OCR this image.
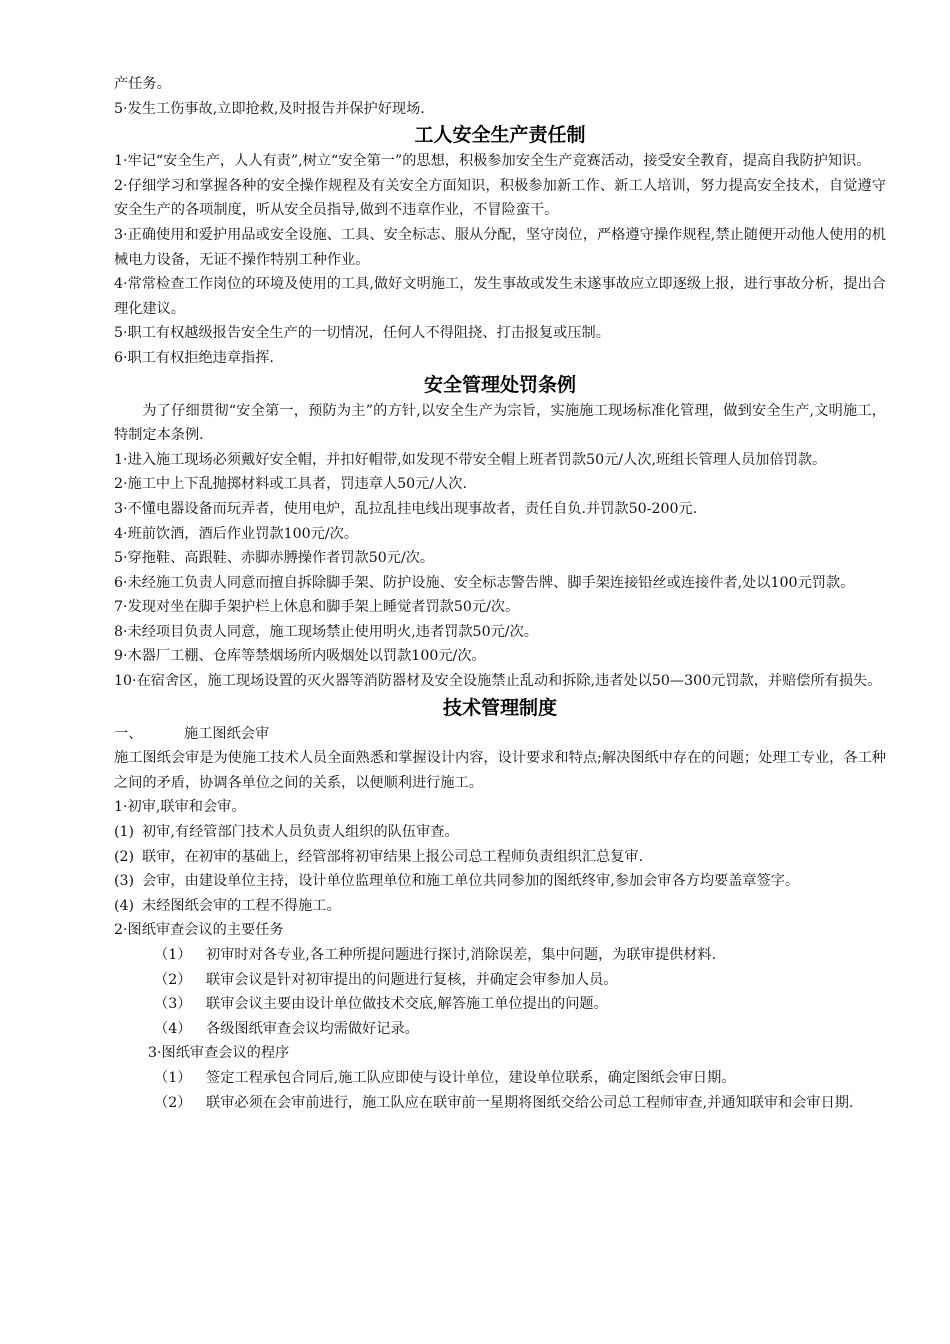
产任务。

5·发生工伤事故,立即抢救,及时报告并保护好现场.

工人安全生产责任制

1·牢记“安全生产，人人有责”,树立“安全第一”的思想，积极参加安全生产竞赛活动，接受安全教育，提高自我防护知识。

2·仔细学习和掌握各种的安全操作规程及有关安全方面知识，积极参加新工作、新工人培训，努力提高安全技术，自觉遵守安全生产的各项制度，听从安全员指导,做到不违章作业，不冒险蛮干。

3·正确使用和爱护用品或安全设施、工具、安全标志、服从分配，坚守岗位，严格遵守操作规程,禁止随便开动他人使用的机械电力设备，无证不操作特别工种作业。

4·常常检查工作岗位的环境及使用的工具,做好文明施工，发生事故或发生未遂事故应立即逐级上报，进行事故分析，提出合理化建议。

5·职工有权越级报告安全生产的一切情况，任何人不得阻挠、打击报复或压制。

6·职工有权拒绝违章指挥.

安全管理处罚条例

为了仔细贯彻“安全第一，预防为主”的方针,以安全生产为宗旨，实施施工现场标准化管理，做到安全生产,文明施工，特制定本条例.

1·进入施工现场必须戴好安全帽，并扣好帽带,如发现不带安全帽上班者罚款50元/人次,班组长管理人员加倍罚款。

2·施工中上下乱抛掷材料或工具者，罚违章人50元/人次.

3·不懂电器设备而玩弄者，使用电炉，乱拉乱挂电线出现事故者，责任自负.并罚款50-200元.

4·班前饮酒，酒后作业罚款100元/次。

5·穿拖鞋、高跟鞋、赤脚赤膊操作者罚款50元/次。

6·未经施工负责人同意而擅自拆除脚手架、防护设施、安全标志警告牌、脚手架连接铅丝或连接件者,处以100元罚款。

7·发现对坐在脚手架护栏上休息和脚手架上睡觉者罚款50元/次。

8·未经项目负责人同意，施工现场禁止使用明火,违者罚款50元/次。

9·木器厂工棚、仓库等禁烟场所内吸烟处以罚款100元/次。

10·在宿舍区，施工现场设置的灭火器等消防器材及安全设施禁止乱动和拆除,违者处以50—300元罚款，并赔偿所有损失。

技术管理制度

一、	施工图纸会审

施工图纸会审是为使施工技术人员全面熟悉和掌握设计内容，设计要求和特点;解决图纸中存在的问题；处理工专业，各工种之间的矛盾，协调各单位之间的关系，以便顺利进行施工。

1·初审,联审和会审。

(1) 初审,有经管部门技术人员负责人组织的队伍审查。

(2) 联审，在初审的基础上，经管部将初审结果上报公司总工程师负责组织汇总复审.

(3) 会审，由建设单位主持，设计单位监理单位和施工单位共同参加的图纸终审,参加会审各方均要盖章签字。

(4) 未经图纸会审的工程不得施工。

2·图纸审查会议的主要任务

（1） 初审时对各专业,各工种所提问题进行探讨,消除误差，集中问题，为联审提供材料.

（2） 联审会议是针对初审提出的问题进行复核，并确定会审参加人员。

（3） 联审会议主要由设计单位做技术交底,解答施工单位提出的问题。

（4） 各级图纸审查会议均需做好记录。

3·图纸审查会议的程序

（1） 签定工程承包合同后,施工队应即使与设计单位，建设单位联系，确定图纸会审日期。

（2） 联审必须在会审前进行，施工队应在联审前一星期将图纸交给公司总工程师审查,并通知联审和会审日期.
